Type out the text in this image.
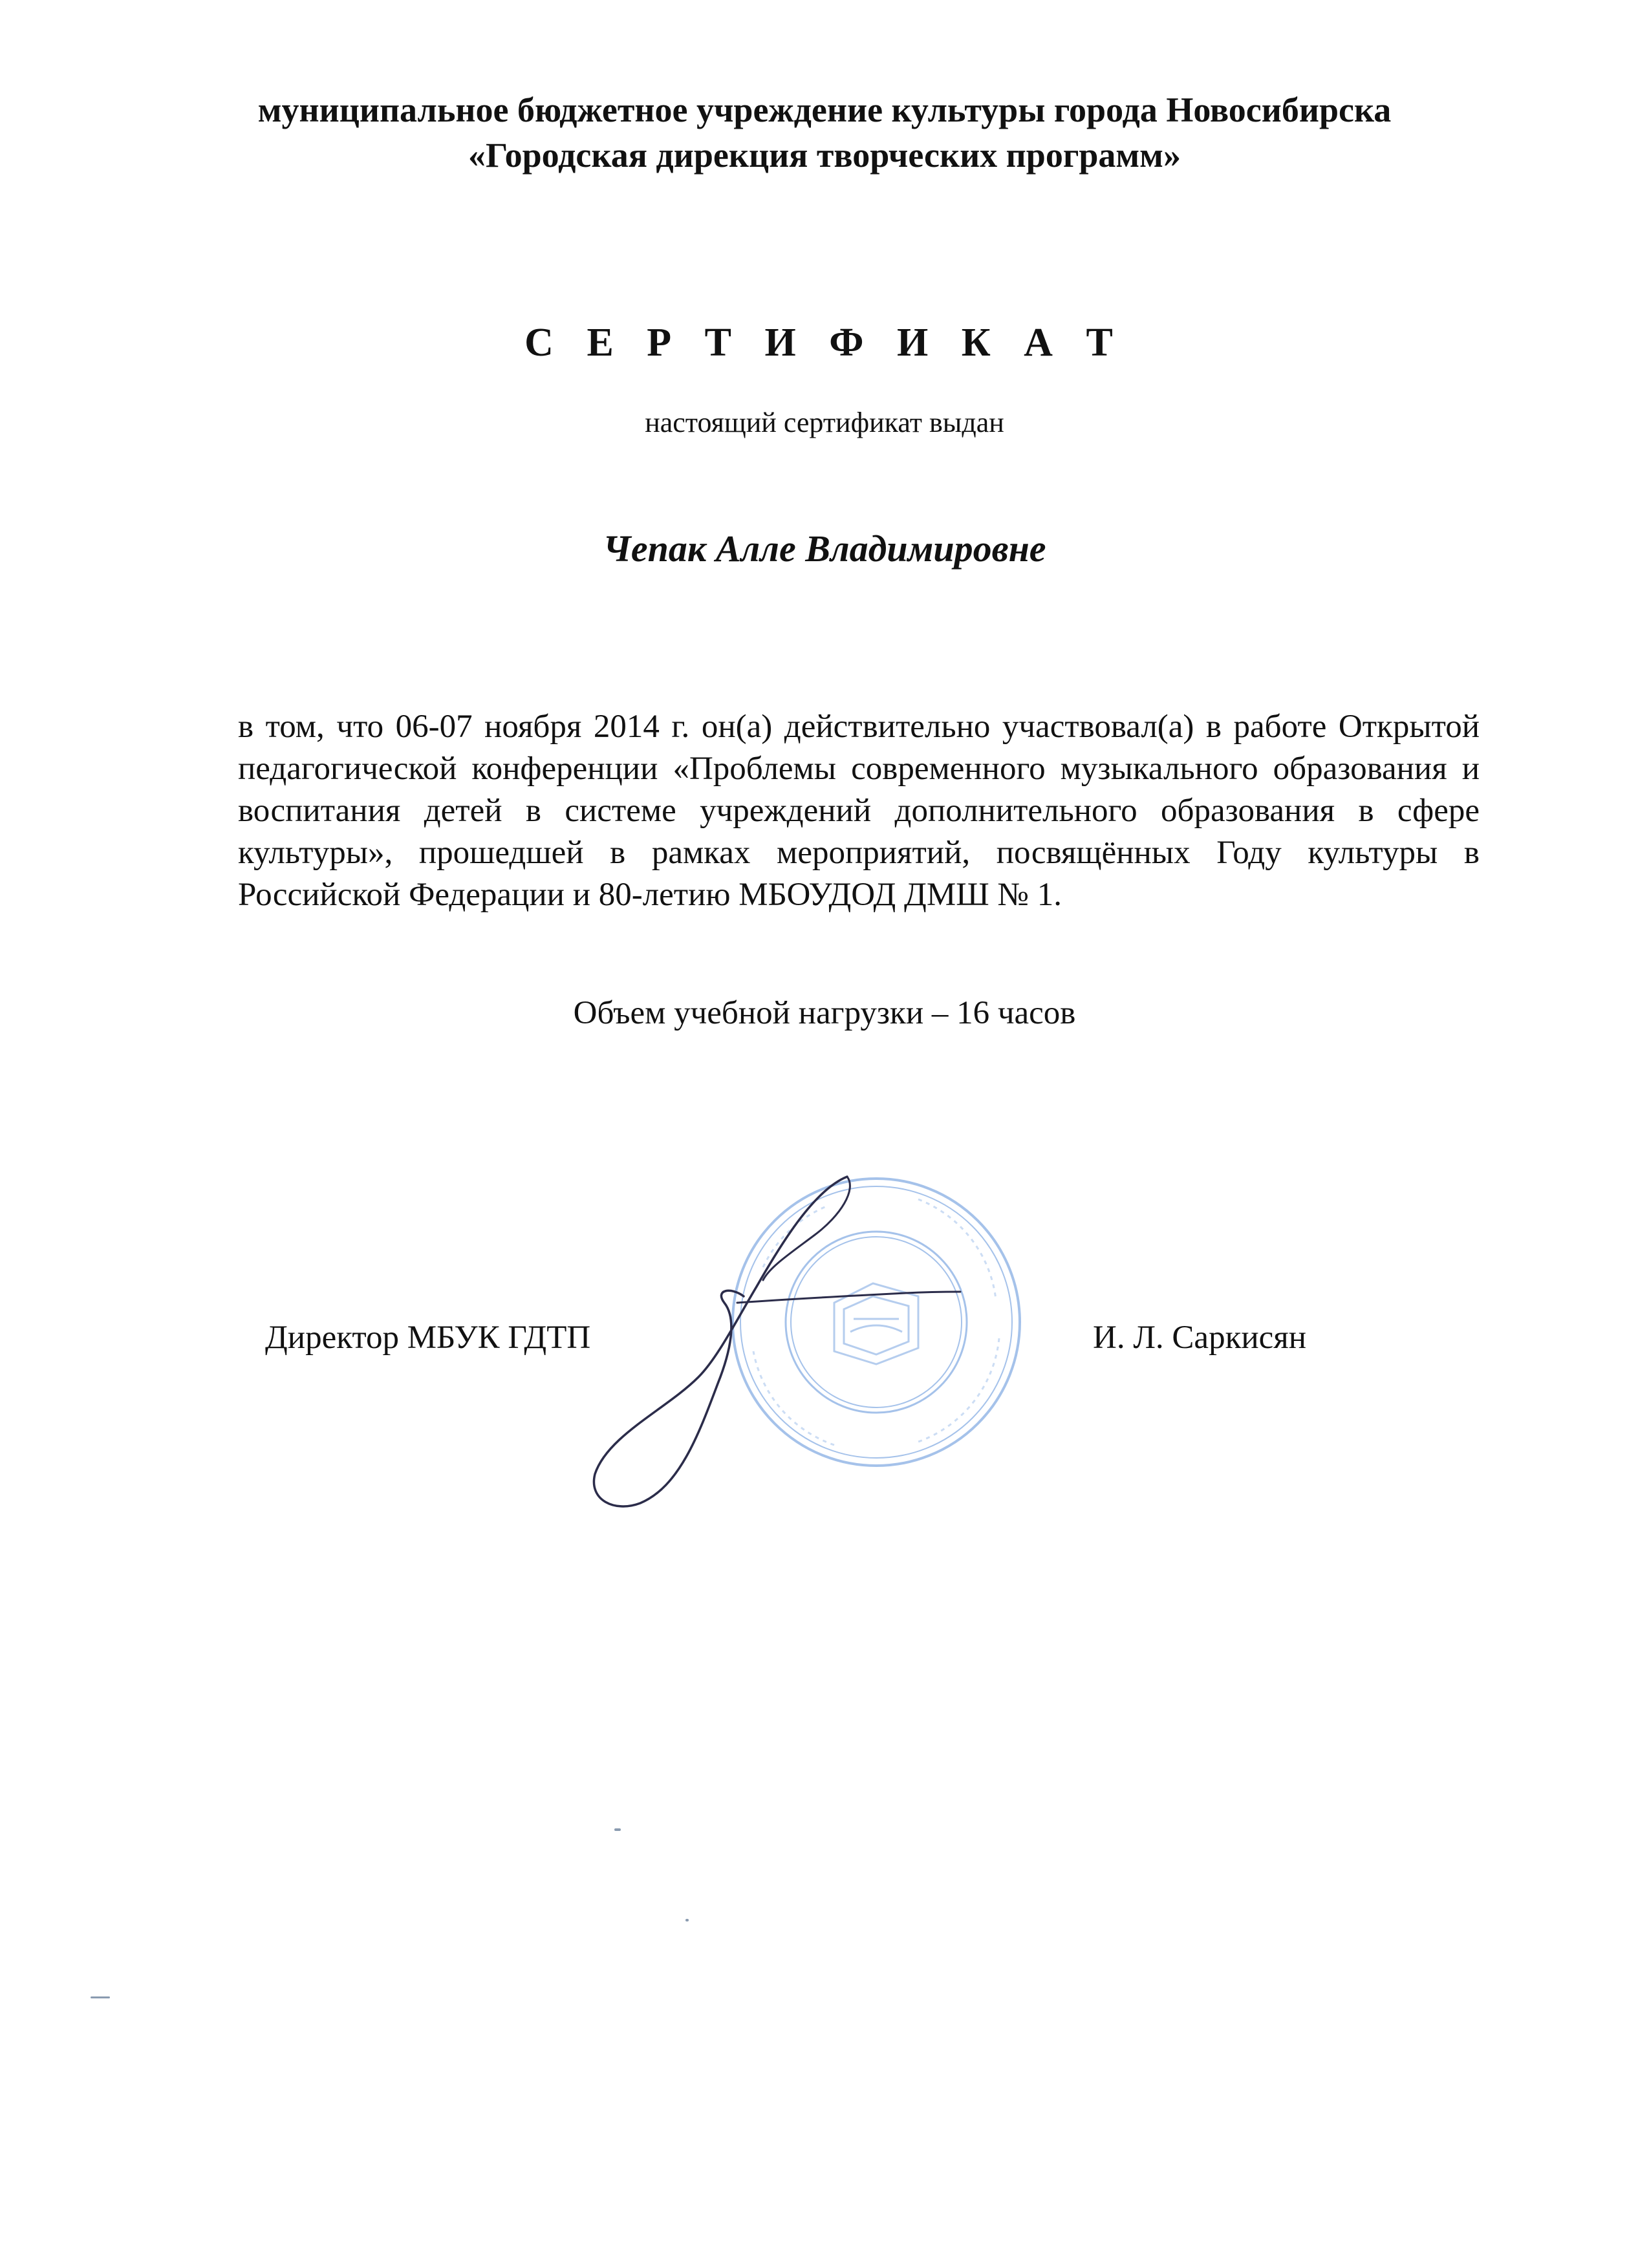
муниципальное бюджетное учреждение культуры города Новосибирска
«Городская дирекция творческих программ»
С Е Р Т И Ф И К А Т
настоящий сертификат выдан
Чепак Алле Владимировне
в том, что 06-07 ноября 2014 г. он(а) действительно участвовал(а) в работе Открытой педагогической конференции «Проблемы современного музыкального образования и воспитания детей в системе учреждений дополнительного образования в сфере культуры», прошедшей в рамках мероприятий, посвящённых Году культуры в Российской Федерации и 80-летию МБОУДОД ДМШ № 1.
Объем учебной нагрузки – 16 часов
Директор МБУК ГДТП	И. Л. Саркисян
